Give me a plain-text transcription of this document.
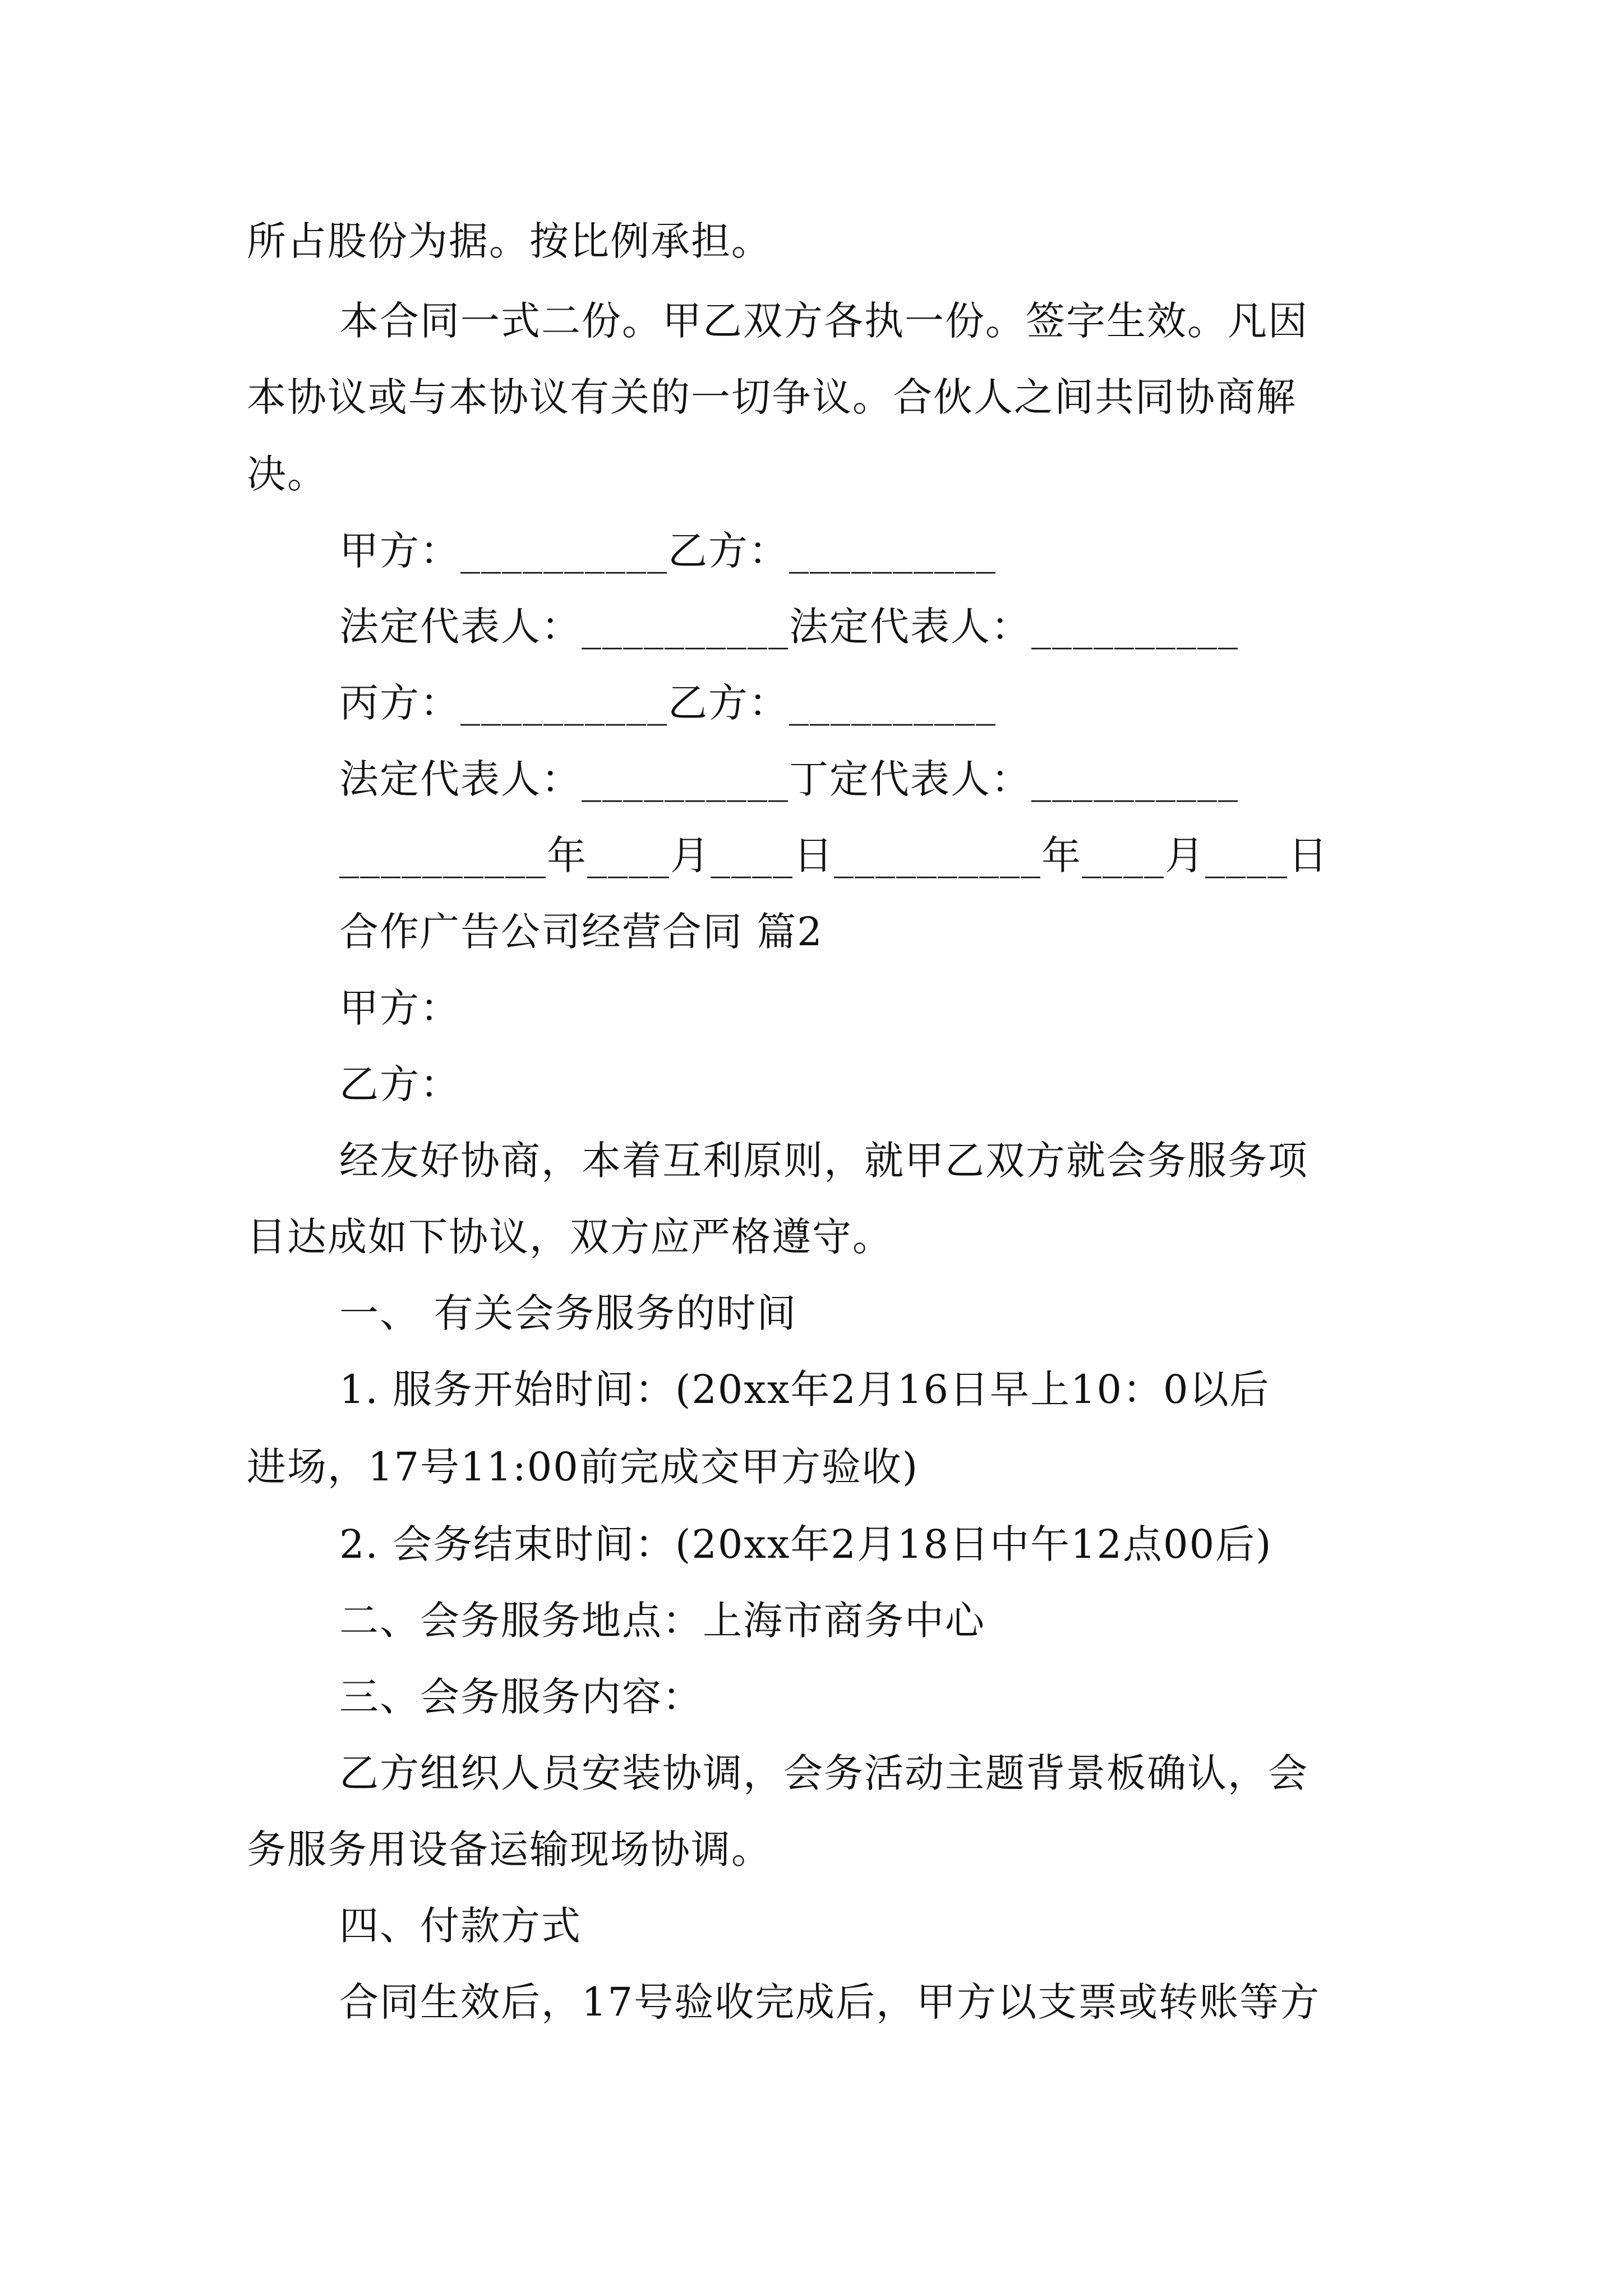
所占股份为据。按比例承担。
本合同一式二份。甲乙双方各执一份。签字生效。凡因
本协议或与本协议有关的一切争议。合伙人之间共同协商解
决。
甲方：__________乙方：__________
法定代表人：__________法定代表人：__________
丙方：__________乙方：__________
法定代表人：__________丁定代表人：__________
__________年____月____日__________年____月____日
合作广告公司经营合同 篇2
甲方：
乙方：
经友好协商，本着互利原则，就甲乙双方就会务服务项
目达成如下协议，双方应严格遵守。
一、 有关会务服务的时间
1. 服务开始时间：(20xx年2月16日早上10：0以后
进场，17号11:00前完成交甲方验收)
2. 会务结束时间：(20xx年2月18日中午12点00后)
二、会务服务地点：上海市商务中心
三、会务服务内容：
乙方组织人员安装协调，会务活动主题背景板确认，会
务服务用设备运输现场协调。
四、付款方式
合同生效后，17号验收完成后，甲方以支票或转账等方
